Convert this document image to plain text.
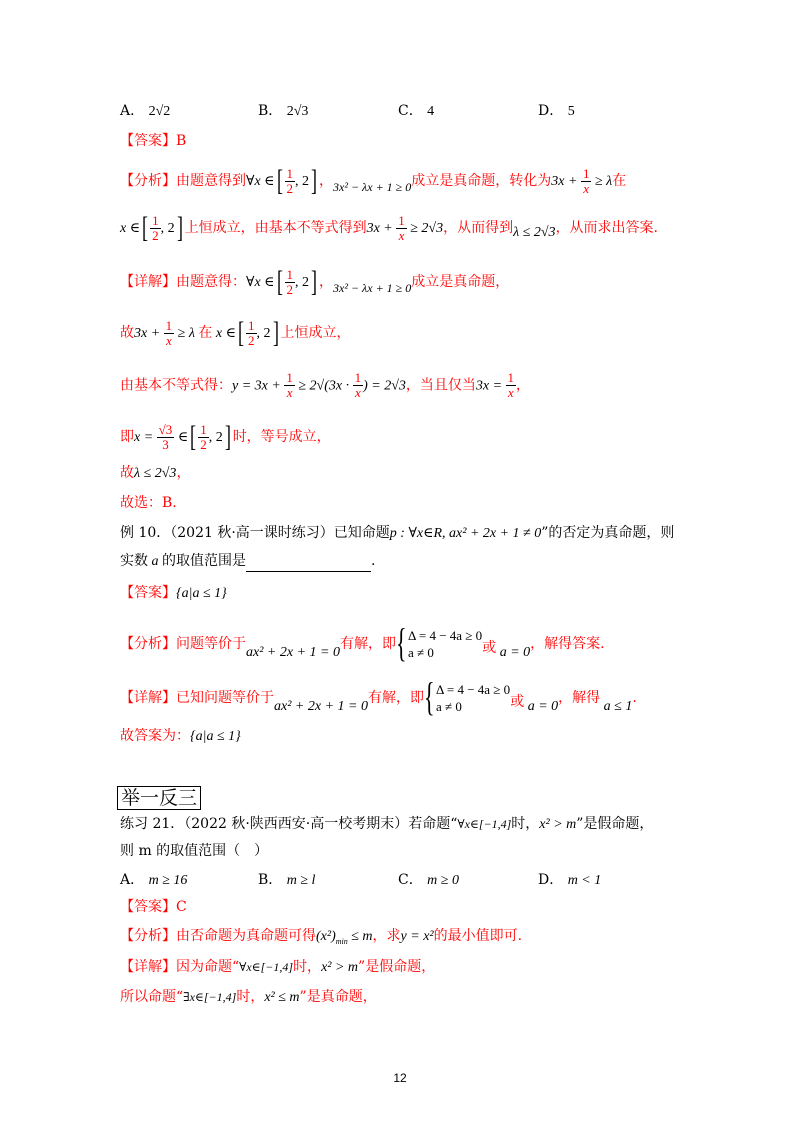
A． 2√2	B． 2√3	C． 4	D． 5
【答案】B
【分析】由题意得到∀x ∈[ $\frac{1}{2}$ , 2] ，3x² − λx + 1 ≥ 0成立是真命题，转化为$3x + \frac{1}{x} \ge \lambda$在
x ∈[ $\frac{1}{2}$ , 2] 上恒成立，由基本不等式得到$3x + \frac{1}{x} \ge 2√3$，从而得到λ ≤ 2√3，从而求出答案.
【详解】由题意得：∀x ∈[ $\frac{1}{2}$ , 2] ，3x² − λx + 1 ≥ 0成立是真命题，
故$3x + \frac{1}{x} \ge \lambda$ 在 x ∈[ $\frac{1}{2}$ , 2] 上恒成立，
由基本不等式得：$y = 3x + \frac{1}{x} \ge 2√(3x \cdot \frac{1}{x}$ ) = 2√3，当且仅当$3x = \frac{1}{x}$ ，
即$x = \frac{√3}{3}$ ∈[ $\frac{1}{2}$ , 2] 时，等号成立，
故λ ≤ 2√3，
故选：B.
例 10．（2021 秋·高一课时练习）已知命题p : ∀x∈R, ax² + 2x + 1 ≠ 0”的否定为真命题，则
实数 a 的取值范围是	.
【答案】{a|a ≤ 1}
【分析】问题等价于ax² + 2x + 1 = 0有解，即 { Δ = 4 − 4a ≥ 0
a ≠ 0	或 a = 0，解得答案.
【详解】已知问题等价于ax² + 2x + 1 = 0有解，即 { Δ = 4 − 4a ≥ 0
a ≠ 0	或 a = 0，解得 a ≤ 1.
故答案为：{a|a ≤ 1}
举一反三
练习 21．（2022 秋·陕西西安·高一校考期末）若命题“∀x∈[−1,4]时，x² > m”是假命题，
则 m 的取值范围（　）
A． m ≥ 16	B． m ≥ l	C． m ≥ 0	D． m < 1
【答案】C
【分析】由否命题为真命题可得$(x^2)_{min} \le m$，求y = x²的最小值即可.
【详解】因为命题“∀x∈[−1,4]时，x² > m”是假命题，
所以命题“∃x∈[−1,4]时，x² ≤ m”是真命题，
12
